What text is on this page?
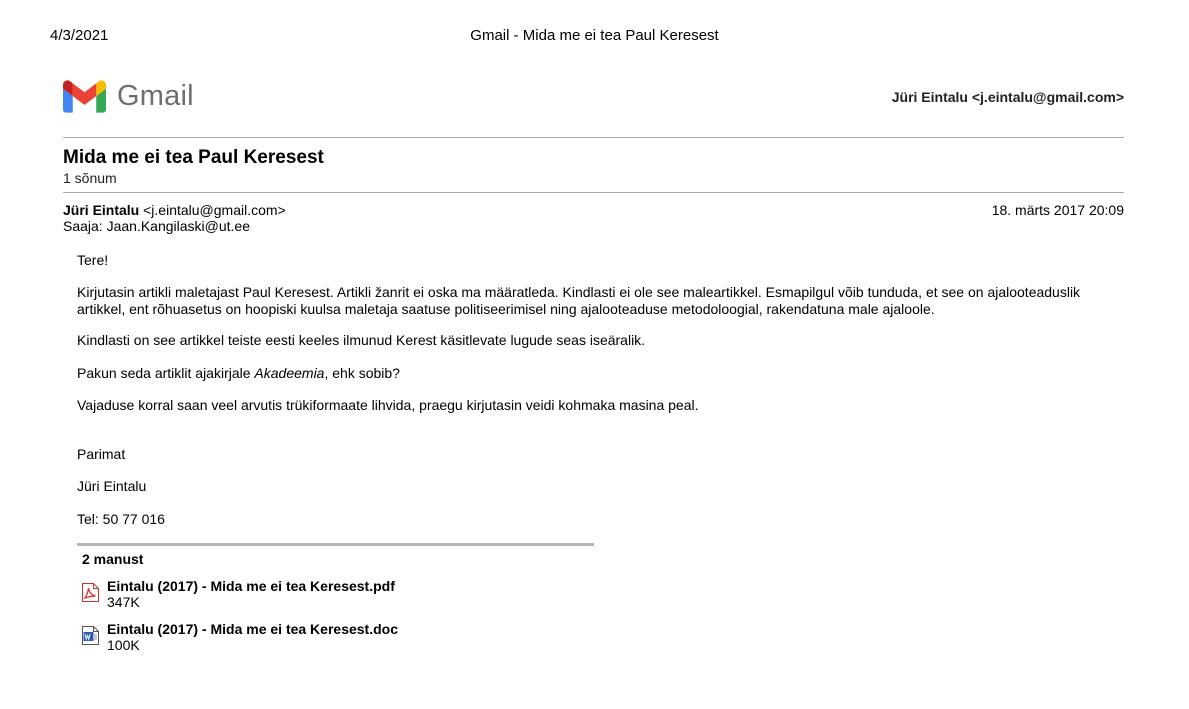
4/3/2021	Gmail - Mida me ei tea Paul Keresest
Gmail	Jüri Eintalu <j.eintalu@gmail.com>
Mida me ei tea Paul Keresest
1 sõnum
Jüri Eintalu <j.eintalu@gmail.com>	18. märts 2017 20:09
Saaja: Jaan.Kangilaski@ut.ee
Tere!
Kirjutasin artikli maletajast Paul Keresest. Artikli žanrit ei oska ma määratleda. Kindlasti ei ole see maleartikkel. Esmapilgul võib tunduda, et see on ajalooteaduslik artikkel, ent rõhuasetus on hoopiski kuulsa maletaja saatuse politiseerimisel ning ajalooteaduse metodoloogial, rakendatuna male ajaloole.
Kindlasti on see artikkel teiste eesti keeles ilmunud Kerest käsitlevate lugude seas iseäralik.
Pakun seda artiklit ajakirjale Akadeemia, ehk sobib?
Vajaduse korral saan veel arvutis trükiformaate lihvida, praegu kirjutasin veidi kohmaka masina peal.
Parimat
Jüri Eintalu
Tel: 50 77 016
2 manust
Eintalu (2017) - Mida me ei tea Keresest.pdf
347K
Eintalu (2017) - Mida me ei tea Keresest.doc
100K
